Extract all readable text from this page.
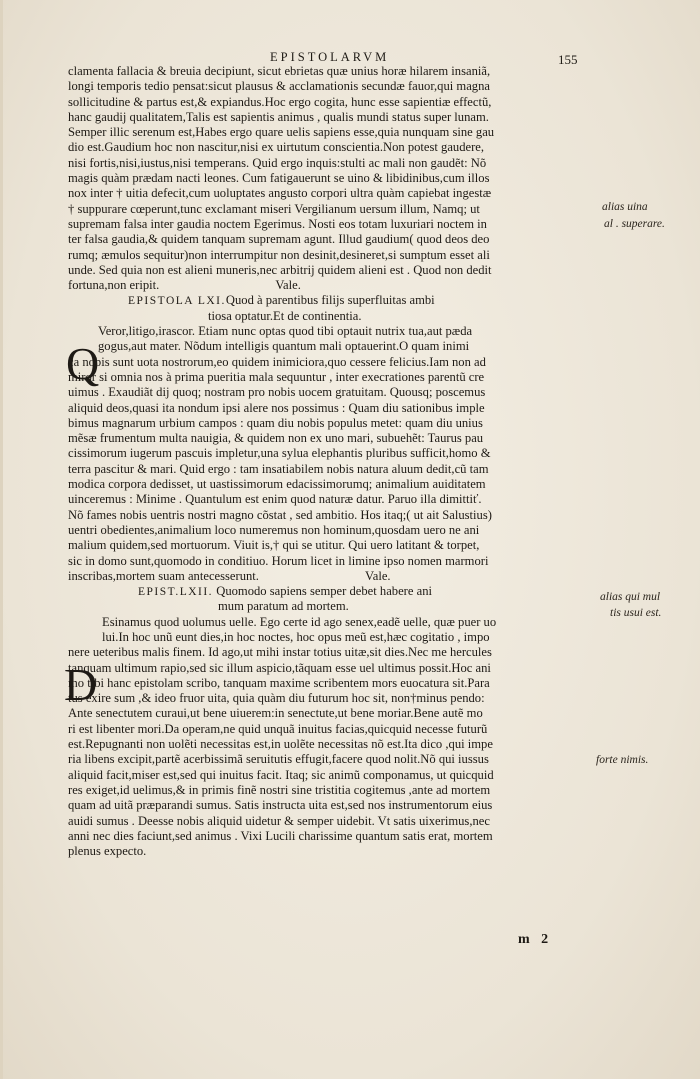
EPISTOLARVM	155
clamenta fallacia & breuia decipiunt, sicut ebrietas quæ unius horæ hilarem insaniã,
longi temporis tedio pensat:sicut plausus & acclamationis secundæ fauor,qui magna
sollicitudine & partus est,& expiandus.Hoc ergo cogita, hunc esse sapientiæ effectũ,
hanc gaudij qualitatem,Talis est sapientis animus , qualis mundi status super lunam.
Semper illic serenum est,Habes ergo quare uelis sapiens esse,quia nunquam sine gau
dio est.Gaudium hoc non nascitur,nisi ex uirtutum conscientia.Non potest gaudere,
nisi fortis,nisi,iustus,nisi temperans. Quid ergo inquis:stulti ac mali non gaudẽt: Nõ
magis quàm prædam nacti leones. Cum fatigauerunt se uino & libidinibus,cum illos
nox inter † uitia defecit,cum uoluptates angusto corpori ultra quàm capiebat ingestæ
† suppurare cœperunt,tunc exclamant miseri Vergilianum uersum illum, Namq; ut
supremam falsa inter gaudia noctem Egerimus. Nosti eos totam luxuriari noctem in
ter falsa gaudia,& quidem tanquam supremam agunt. Illud gaudium( quod deos deo
rumq; æmulos sequitur)non interrumpitur non desinit,desineret,si sumptum esset ali
unde. Sed quia non est alieni muneris,nec arbitrij quidem alieni est . Quod non dedit
fortuna,non eripit.	Vale.
EPISTOLA LXI.Quod à parentibus filijs superfluitas ambi
tiosa optatur.Et de continentia.
Veror,litigo,irascor. Etiam nunc optas quod tibi optauit nutrix tua,aut pæda
gogus,aut mater. Nõdum intelligis quantum mali optauerint.O quam inimi
ca nobis sunt uota nostrorum,eo quidem inimiciora,quo cessere felicius.Iam non ad
miror si omnia nos à prima pueritia mala sequuntur , inter execrationes parentũ cre
uimus . Exaudiãt dij quoq; nostram pro nobis uocem gratuitam. Quousq; poscemus
aliquid deos,quasi ita nondum ipsi alere nos possimus : Quam diu sationibus imple
bimus magnarum urbium campos : quam diu nobis populus metet: quam diu unius
mẽsæ frumentum multa nauigia, & quidem non ex uno mari, subuehẽt: Taurus pau
cissimorum iugerum pascuis impletur,una sylua elephantis pluribus sufficit,homo &
terra pascitur & mari. Quid ergo : tam insatiabilem nobis natura aluum dedit,cũ tam
modica corpora dedisset, ut uastissimorum edacissimorumq; animalium auiditatem
uinceremus : Minime . Quantulum est enim quod naturæ datur. Paruo illa dimittiť.
Nõ fames nobis uentris nostri magno cõstat , sed ambitio. Hos itaq;( ut ait Salustius)
uentri obedientes,animalium loco numeremus non hominum,quosdam uero ne ani
malium quidem,sed mortuorum. Viuit is,† qui se utitur. Qui uero latitant & torpet,
sic in domo sunt,quomodo in conditiuo. Horum licet in limine ipso nomen marmori
inscribas,mortem suam antecesserunt.	Vale.
EPIST.LXII. Quomodo sapiens semper debet habere ani
mum paratum ad mortem.
Esinamus quod uolumus uelle. Ego certe id ago senex,eadẽ uelle, quæ puer uo
lui.In hoc unũ eunt dies,in hoc noctes, hoc opus meũ est,hæc cogitatio , impo
nere ueteribus malis finem. Id ago,ut mihi instar totius uitæ,sit dies.Nec me hercules
tanquam ultimum rapio,sed sic illum aspicio,tãquam esse uel ultimus possit.Hoc ani
mo tibi hanc epistolam scribo, tanquam maxime scribentem mors euocatura sit.Para
tus exire sum ,& ideo fruor uita, quia quàm diu futurum hoc sit, non†minus pendo:
Ante senectutem curaui,ut bene uiuerem:in senectute,ut bene moriar.Bene autẽ mo
ri est libenter mori.Da operam,ne quid unquã inuitus facias,quicquid necesse futurũ
est.Repugnanti non uolẽti necessitas est,in uolẽte necessitas nõ est.Ita dico ,qui impe
ria libens excipit,partẽ acerbissimã seruitutis effugit,facere quod nolit.Nõ qui iussus
aliquid facit,miser est,sed qui inuitus facit. Itaq; sic animũ componamus, ut quicquid
res exiget,id uelimus,& in primis finẽ nostri sine tristitia cogitemus ,ante ad mortem
quam ad uitã præparandi sumus. Satis instructa uita est,sed nos instrumentorum eius
auidi sumus . Deesse nobis aliquid uidetur & semper uidebit. Vt satis uixerimus,nec
anni nec dies faciunt,sed animus . Vixi Lucili charissime quantum satis erat, mortem
plenus expecto.
Q
D
alias uina
al . superare.
alias qui mul
tis usui est.
forte nimis.
m 2
